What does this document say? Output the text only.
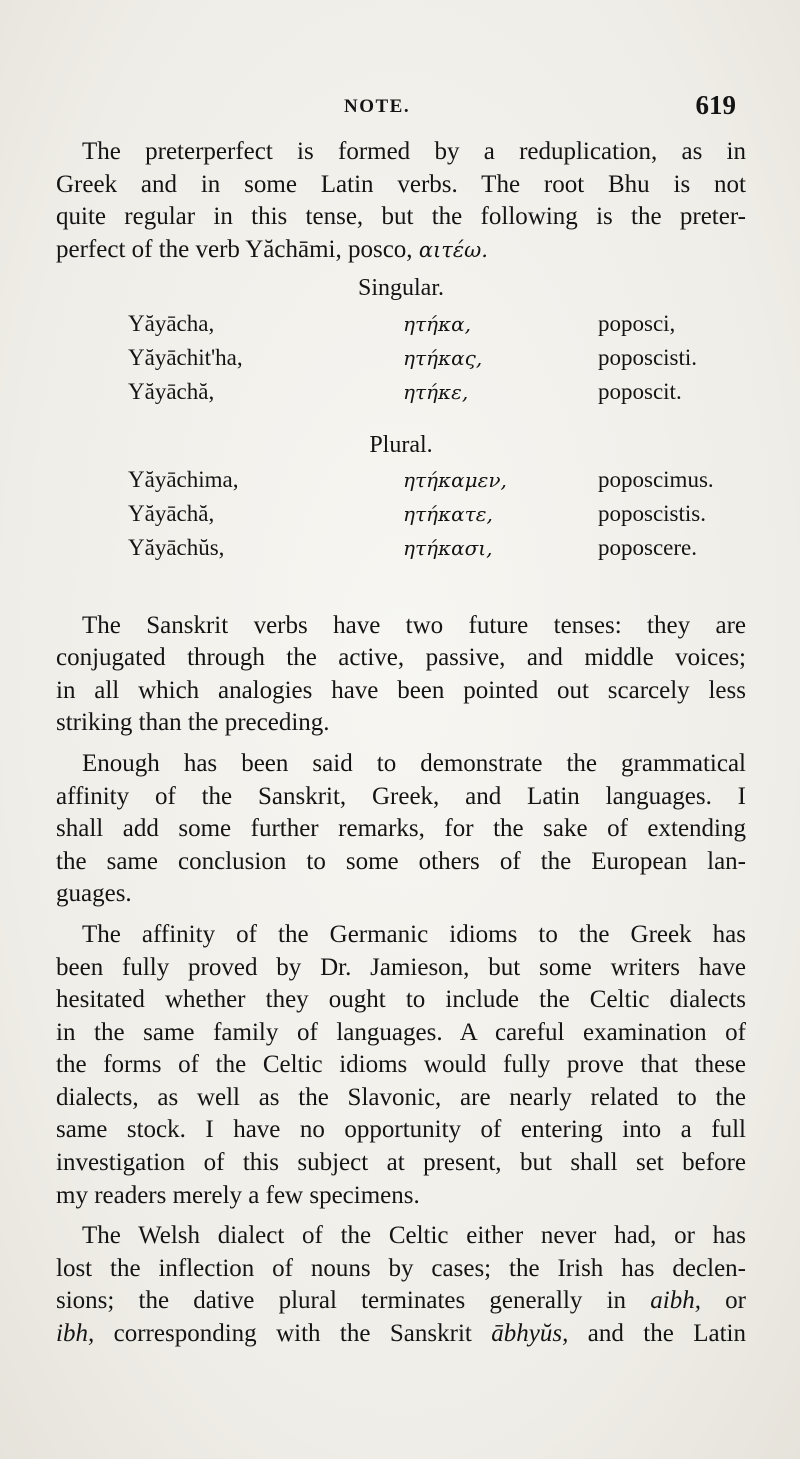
NOTE.	619

The preterperfect is formed by a reduplication, as in
Greek and in some Latin verbs. The root Bhu is not
quite regular in this tense, but the following is the preter-
perfect of the verb Yăchāmi, posco, αιτέω.

Singular.
Yăyācha,	ητήκα,	poposci,
Yăyāchit'ha,	ητήκας,	poposcisti.
Yăyāchă,	ητήκε,	poposcit.
Plural.
Yăyāchima,	ητήκαμεν,	poposcimus.
Yăyāchă,	ητήκατε,	poposcistis.
Yăyāchŭs,	ητήκασι,	poposcere.

The Sanskrit verbs have two future tenses: they are
conjugated through the active, passive, and middle voices;
in all which analogies have been pointed out scarcely less
striking than the preceding.

Enough has been said to demonstrate the grammatical
affinity of the Sanskrit, Greek, and Latin languages. I
shall add some further remarks, for the sake of extending
the same conclusion to some others of the European lan-
guages.

The affinity of the Germanic idioms to the Greek has
been fully proved by Dr. Jamieson, but some writers have
hesitated whether they ought to include the Celtic dialects
in the same family of languages. A careful examination of
the forms of the Celtic idioms would fully prove that these
dialects, as well as the Slavonic, are nearly related to the
same stock. I have no opportunity of entering into a full
investigation of this subject at present, but shall set before
my readers merely a few specimens.

The Welsh dialect of the Celtic either never had, or has
lost the inflection of nouns by cases; the Irish has declen-
sions; the dative plural terminates generally in aibh, or
ibh, corresponding with the Sanskrit ābhyŭs, and the Latin
